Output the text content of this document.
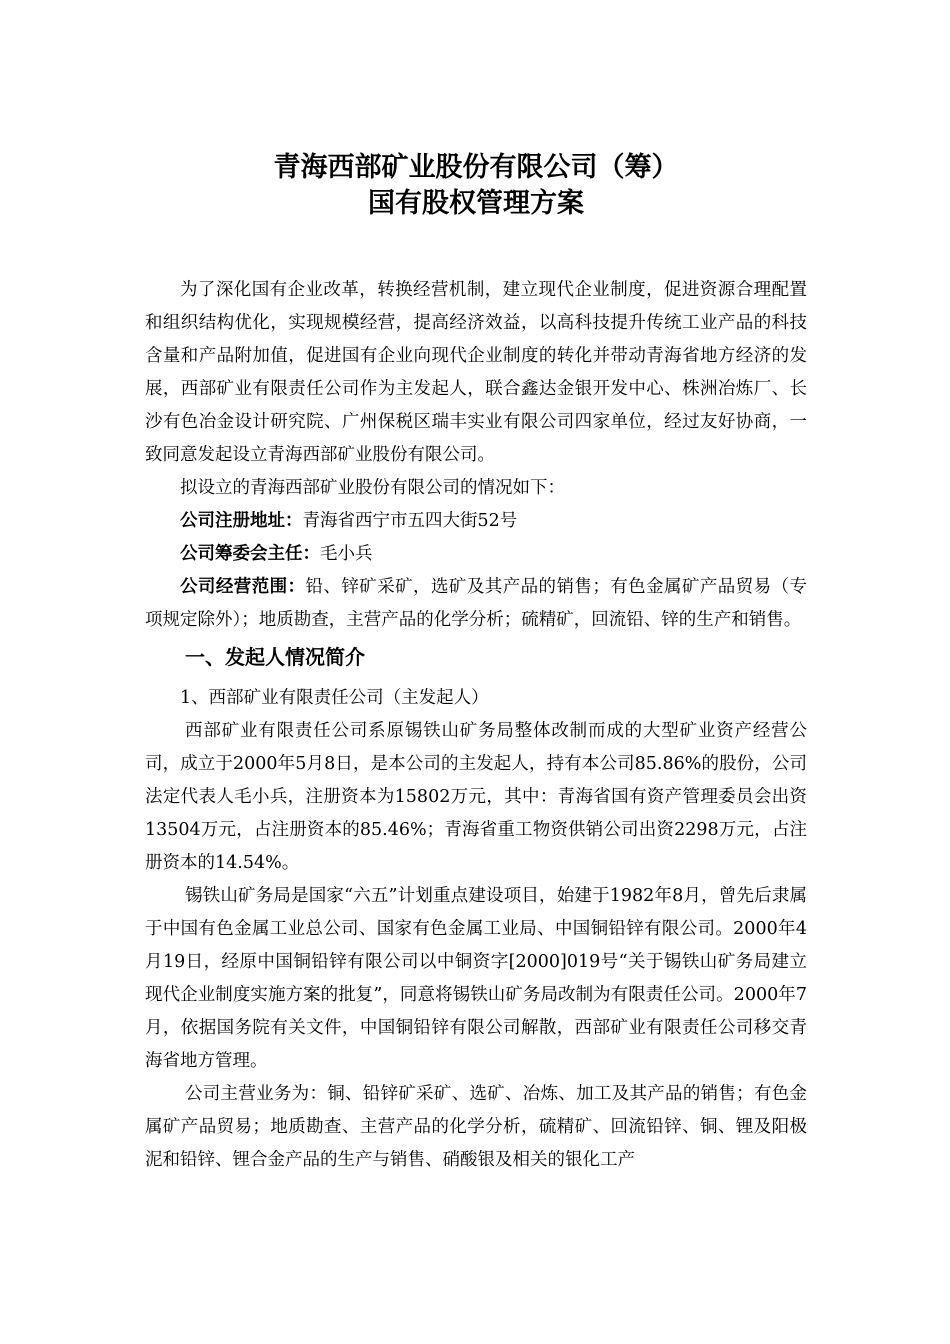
青海西部矿业股份有限公司（筹）
国有股权管理方案

为了深化国有企业改革，转换经营机制，建立现代企业制度，促进资源合理配置和组织结构优化，实现规模经营，提高经济效益，以高科技提升传统工业产品的科技含量和产品附加值，促进国有企业向现代企业制度的转化并带动青海省地方经济的发展，西部矿业有限责任公司作为主发起人，联合鑫达金银开发中心、株洲冶炼厂、长沙有色冶金设计研究院、广州保税区瑞丰实业有限公司四家单位，经过友好协商，一致同意发起设立青海西部矿业股份有限公司。

拟设立的青海西部矿业股份有限公司的情况如下：

公司注册地址：青海省西宁市五四大街52号

公司筹委会主任：毛小兵

公司经营范围：铅、锌矿采矿，选矿及其产品的销售；有色金属矿产品贸易（专项规定除外）；地质勘查，主营产品的化学分析；硫精矿，回流铅、锌的生产和销售。

一、发起人情况简介

1、西部矿业有限责任公司（主发起人）

西部矿业有限责任公司系原锡铁山矿务局整体改制而成的大型矿业资产经营公司，成立于2000年5月8日，是本公司的主发起人，持有本公司85.86%的股份，公司法定代表人毛小兵，注册资本为15802万元，其中：青海省国有资产管理委员会出资13504万元，占注册资本的85.46%；青海省重工物资供销公司出资2298万元，占注册资本的14.54%。

锡铁山矿务局是国家“六五”计划重点建设项目，始建于1982年8月，曾先后隶属于中国有色金属工业总公司、国家有色金属工业局、中国铜铅锌有限公司。2000年4月19日，经原中国铜铅锌有限公司以中铜资字[2000]019号“关于锡铁山矿务局建立现代企业制度实施方案的批复”，同意将锡铁山矿务局改制为有限责任公司。2000年7月，依据国务院有关文件，中国铜铅锌有限公司解散，西部矿业有限责任公司移交青海省地方管理。

公司主营业务为：铜、铅锌矿采矿、选矿、冶炼、加工及其产品的销售；有色金属矿产品贸易；地质勘查、主营产品的化学分析，硫精矿、回流铅锌、铜、锂及阳极泥和铅锌、锂合金产品的生产与销售、硝酸银及相关的银化工产
